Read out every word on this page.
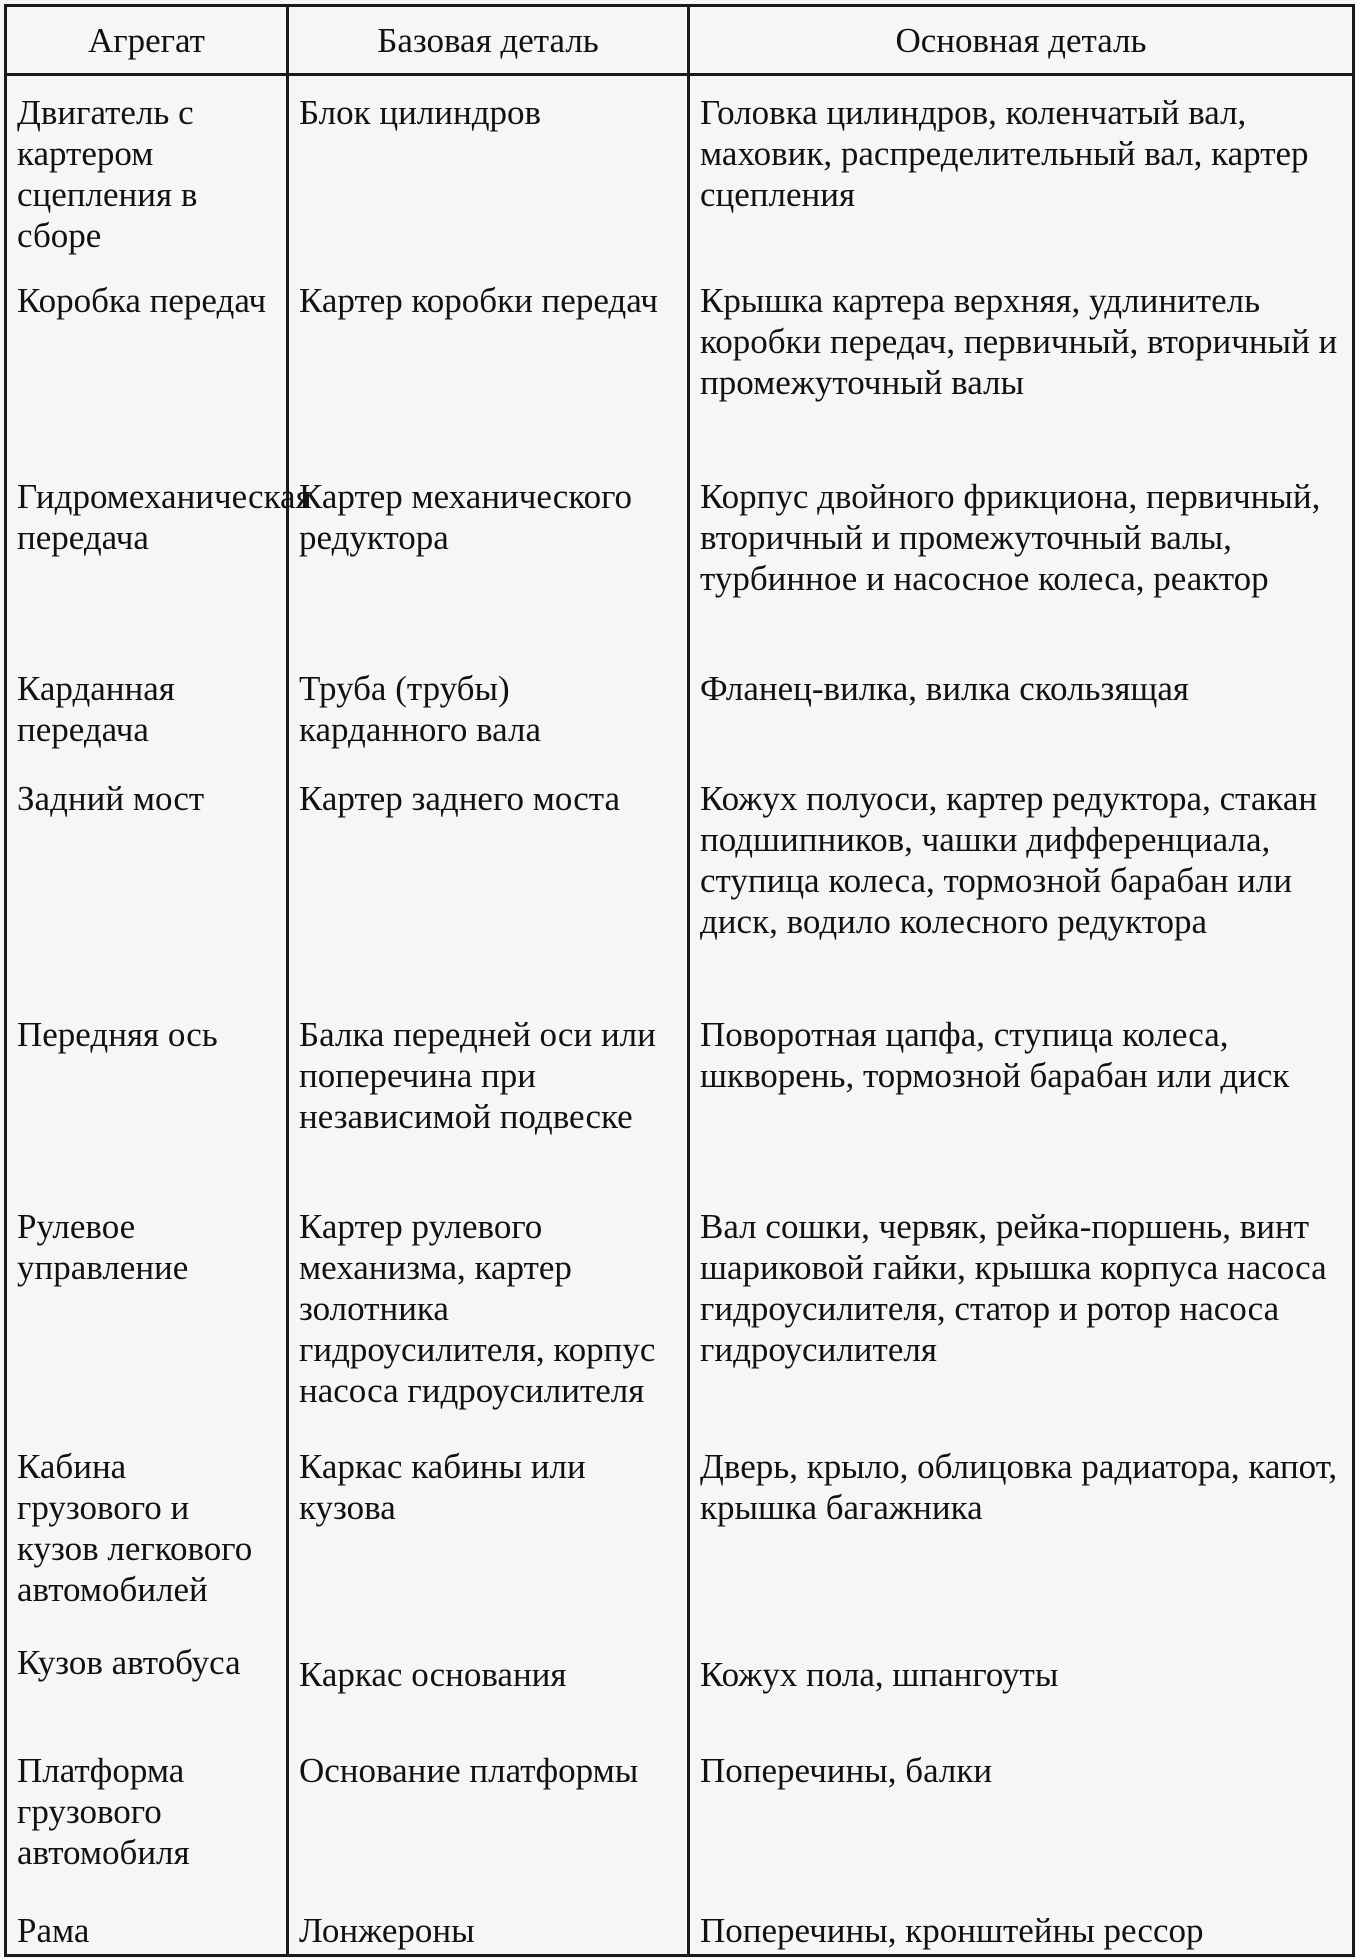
Агрегат	Базовая деталь	Основная деталь

Двигатель с картером сцепления в сборе	Блок цилиндров	Головка цилиндров, коленчатый вал, маховик, распределительный вал, картер сцепления

Коробка передач	Картер коробки передач	Крышка картера верхняя, удлинитель коробки передач, первичный, вторичный и промежуточный валы

Гидромеханическая передача	Картер механического редуктора	Корпус двойного фрикциона, первичный, вторичный и промежуточный валы, турбинное и насосное колеса, реактор

Карданная передача	Труба (трубы) карданного вала	Фланец-вилка, вилка скользящая

Задний мост	Картер заднего моста	Кожух полуоси, картер редуктора, стакан подшипников, чашки дифференциала, ступица колеса, тормозной барабан или диск, водило колесного редуктора

Передняя ось	Балка передней оси или поперечина при независимой подвеске	Поворотная цапфа, ступица колеса, шкворень, тормозной барабан или диск

Рулевое управление	Картер рулевого механизма, картер золотника гидроусилителя, корпус насоса гидроусилителя	Вал сошки, червяк, рейка-поршень, винт шариковой гайки, крышка корпуса насоса гидроусилителя, статор и ротор насоса гидроусилителя

Кабина грузового и кузов легкового автомобилей	Каркас кабины или кузова	Дверь, крыло, облицовка радиатора, капот, крышка багажника

Кузов автобуса	Каркас основания	Кожух пола, шпангоуты

Платформа грузового автомобиля	Основание платформы	Поперечины, балки

Рама	Лонжероны	Поперечины, кронштейны рессор
